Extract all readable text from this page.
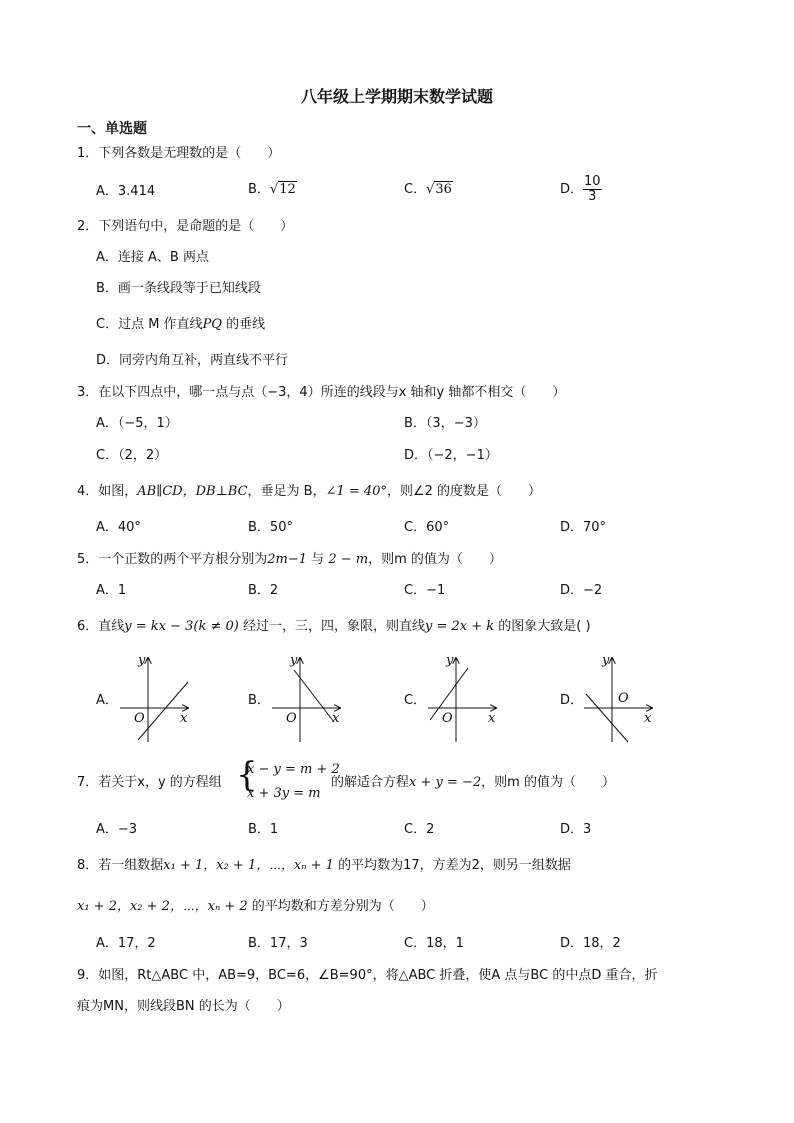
八年级上学期期末数学试题
一、单选题
1．下列各数是无理数的是（　　）
A．3.414	B．√12	C．√36	D． $\frac{10}{3}$
2．下列语句中，是命题的是（　　）
A．连接 A、B 两点
B．画一条线段等于已知线段
C．过点 M 作直线PQ 的垂线
D．同旁内角互补，两直线不平行
3．在以下四点中，哪一点与点（−3，4）所连的线段与x 轴和y 轴都不相交（　　）
A．（−5，1）	B．（3，−3）
C．（2，2）	D．（−2，−1）
4．如图，AB∥CD，DB⊥BC，垂足为 B，∠1 = 40°，则∠2 的度数是（　　）
A．40°	B．50°	C．60°	D．70°
5．一个正数的两个平方根分别为2m−1 与 2 − m，则m 的值为（　　）
A．1	B．2	C．−1	D．−2
6．直线y = kx − 3(k ≠ 0) 经过一，三，四，象限，则直线y = 2x + k 的图象大致是( )
A．	B．	C．	D．
x
y
O	x
y
O	x
y
O	x
y
O
7．若关于x，y 的方程组 {
x − y = m + 2
x + 3y = m
的解适合方程x + y = −2，则m 的值为（　　）
A．−3	B．1	C．2	D．3
8．若一组数据x₁ + 1，x₂ + 1，⋯，xₙ + 1 的平均数为17，方差为2，则另一组数据
x₁ + 2，x₂ + 2，⋯，xₙ + 2 的平均数和方差分别为（　　）
A．17，2	B．17，3	C．18，1	D．18，2
9．如图，Rt△ABC 中，AB=9，BC=6，∠B=90°，将△ABC 折叠，使A 点与BC 的中点D 重合，折
痕为MN，则线段BN 的长为（　　）
